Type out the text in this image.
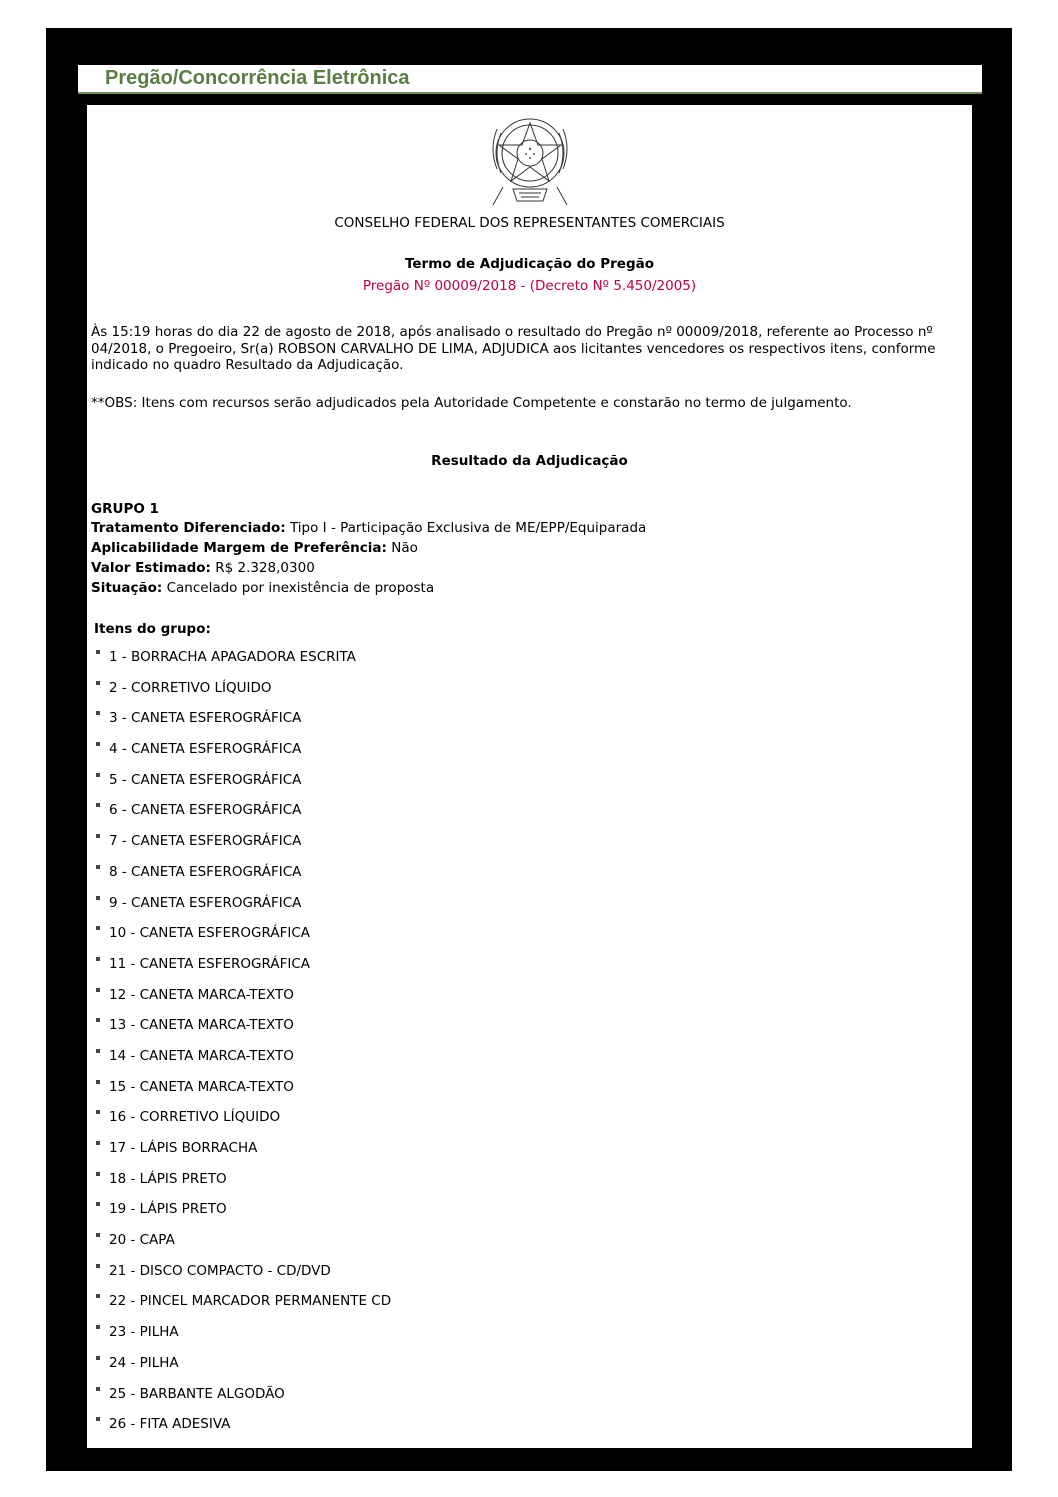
Pregão/Concorrência Eletrônica
CONSELHO FEDERAL DOS REPRESENTANTES COMERCIAIS
Termo de Adjudicação do Pregão
Pregão Nº 00009/2018 - (Decreto Nº 5.450/2005)
Às 15:19 horas do dia 22 de agosto de 2018, após analisado o resultado do Pregão nº 00009/2018, referente ao Processo nº 04/2018, o Pregoeiro, Sr(a) ROBSON CARVALHO DE LIMA, ADJUDICA aos licitantes vencedores os respectivos itens, conforme indicado no quadro Resultado da Adjudicação.
**OBS: Itens com recursos serão adjudicados pela Autoridade Competente e constarão no termo de julgamento.
Resultado da Adjudicação
GRUPO 1
Tratamento Diferenciado: Tipo I - Participação Exclusiva de ME/EPP/Equiparada
Aplicabilidade Margem de Preferência: Não
Valor Estimado: R$ 2.328,0300
Situação: Cancelado por inexistência de proposta
Itens do grupo:
1 - BORRACHA APAGADORA ESCRITA
2 - CORRETIVO LÍQUIDO
3 - CANETA ESFEROGRÁFICA
4 - CANETA ESFEROGRÁFICA
5 - CANETA ESFEROGRÁFICA
6 - CANETA ESFEROGRÁFICA
7 - CANETA ESFEROGRÁFICA
8 - CANETA ESFEROGRÁFICA
9 - CANETA ESFEROGRÁFICA
10 - CANETA ESFEROGRÁFICA
11 - CANETA ESFEROGRÁFICA
12 - CANETA MARCA-TEXTO
13 - CANETA MARCA-TEXTO
14 - CANETA MARCA-TEXTO
15 - CANETA MARCA-TEXTO
16 - CORRETIVO LÍQUIDO
17 - LÁPIS BORRACHA
18 - LÁPIS PRETO
19 - LÁPIS PRETO
20 - CAPA
21 - DISCO COMPACTO - CD/DVD
22 - PINCEL MARCADOR PERMANENTE CD
23 - PILHA
24 - PILHA
25 - BARBANTE ALGODÃO
26 - FITA ADESIVA
